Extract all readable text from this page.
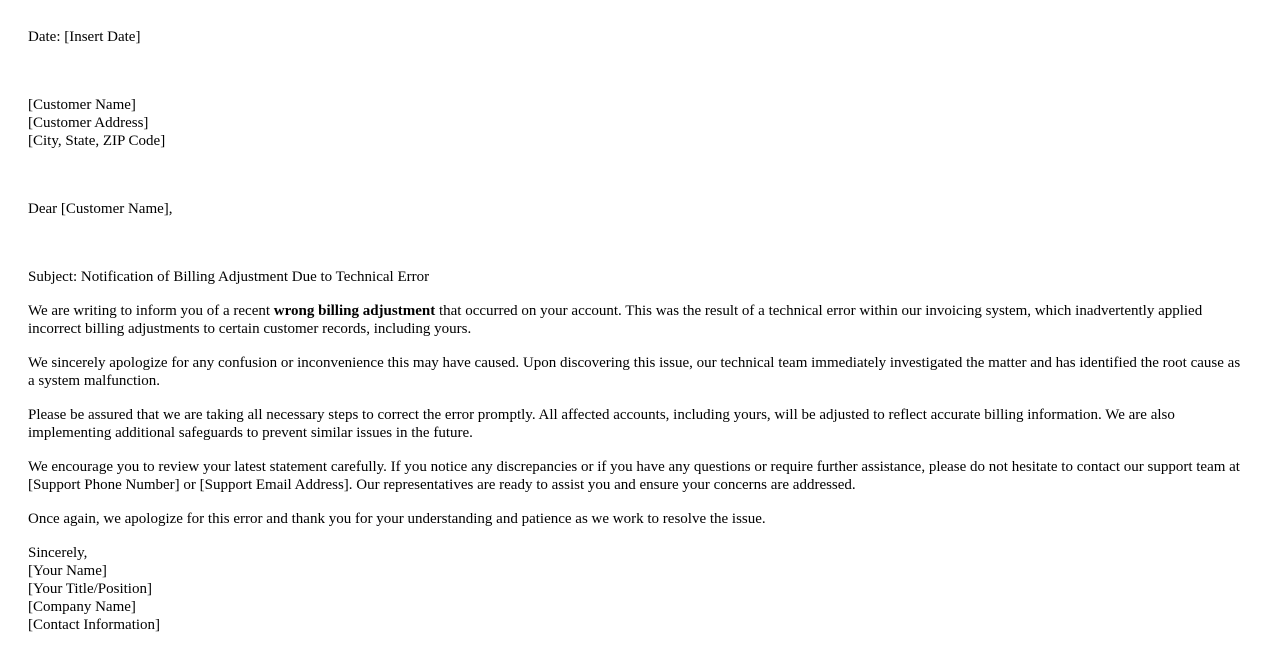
Date: [Insert Date]

[Customer Name]
[Customer Address]
[City, State, ZIP Code]

Dear [Customer Name],

Subject: Notification of Billing Adjustment Due to Technical Error

We are writing to inform you of a recent wrong billing adjustment that occurred on your account. This was the result of a technical error within our invoicing system, which inadvertently applied incorrect billing adjustments to certain customer records, including yours.

We sincerely apologize for any confusion or inconvenience this may have caused. Upon discovering this issue, our technical team immediately investigated the matter and has identified the root cause as a system malfunction.

Please be assured that we are taking all necessary steps to correct the error promptly. All affected accounts, including yours, will be adjusted to reflect accurate billing information. We are also implementing additional safeguards to prevent similar issues in the future.

We encourage you to review your latest statement carefully. If you notice any discrepancies or if you have any questions or require further assistance, please do not hesitate to contact our support team at [Support Phone Number] or [Support Email Address]. Our representatives are ready to assist you and ensure your concerns are addressed.

Once again, we apologize for this error and thank you for your understanding and patience as we work to resolve the issue.

Sincerely,
[Your Name]
[Your Title/Position]
[Company Name]
[Contact Information]
